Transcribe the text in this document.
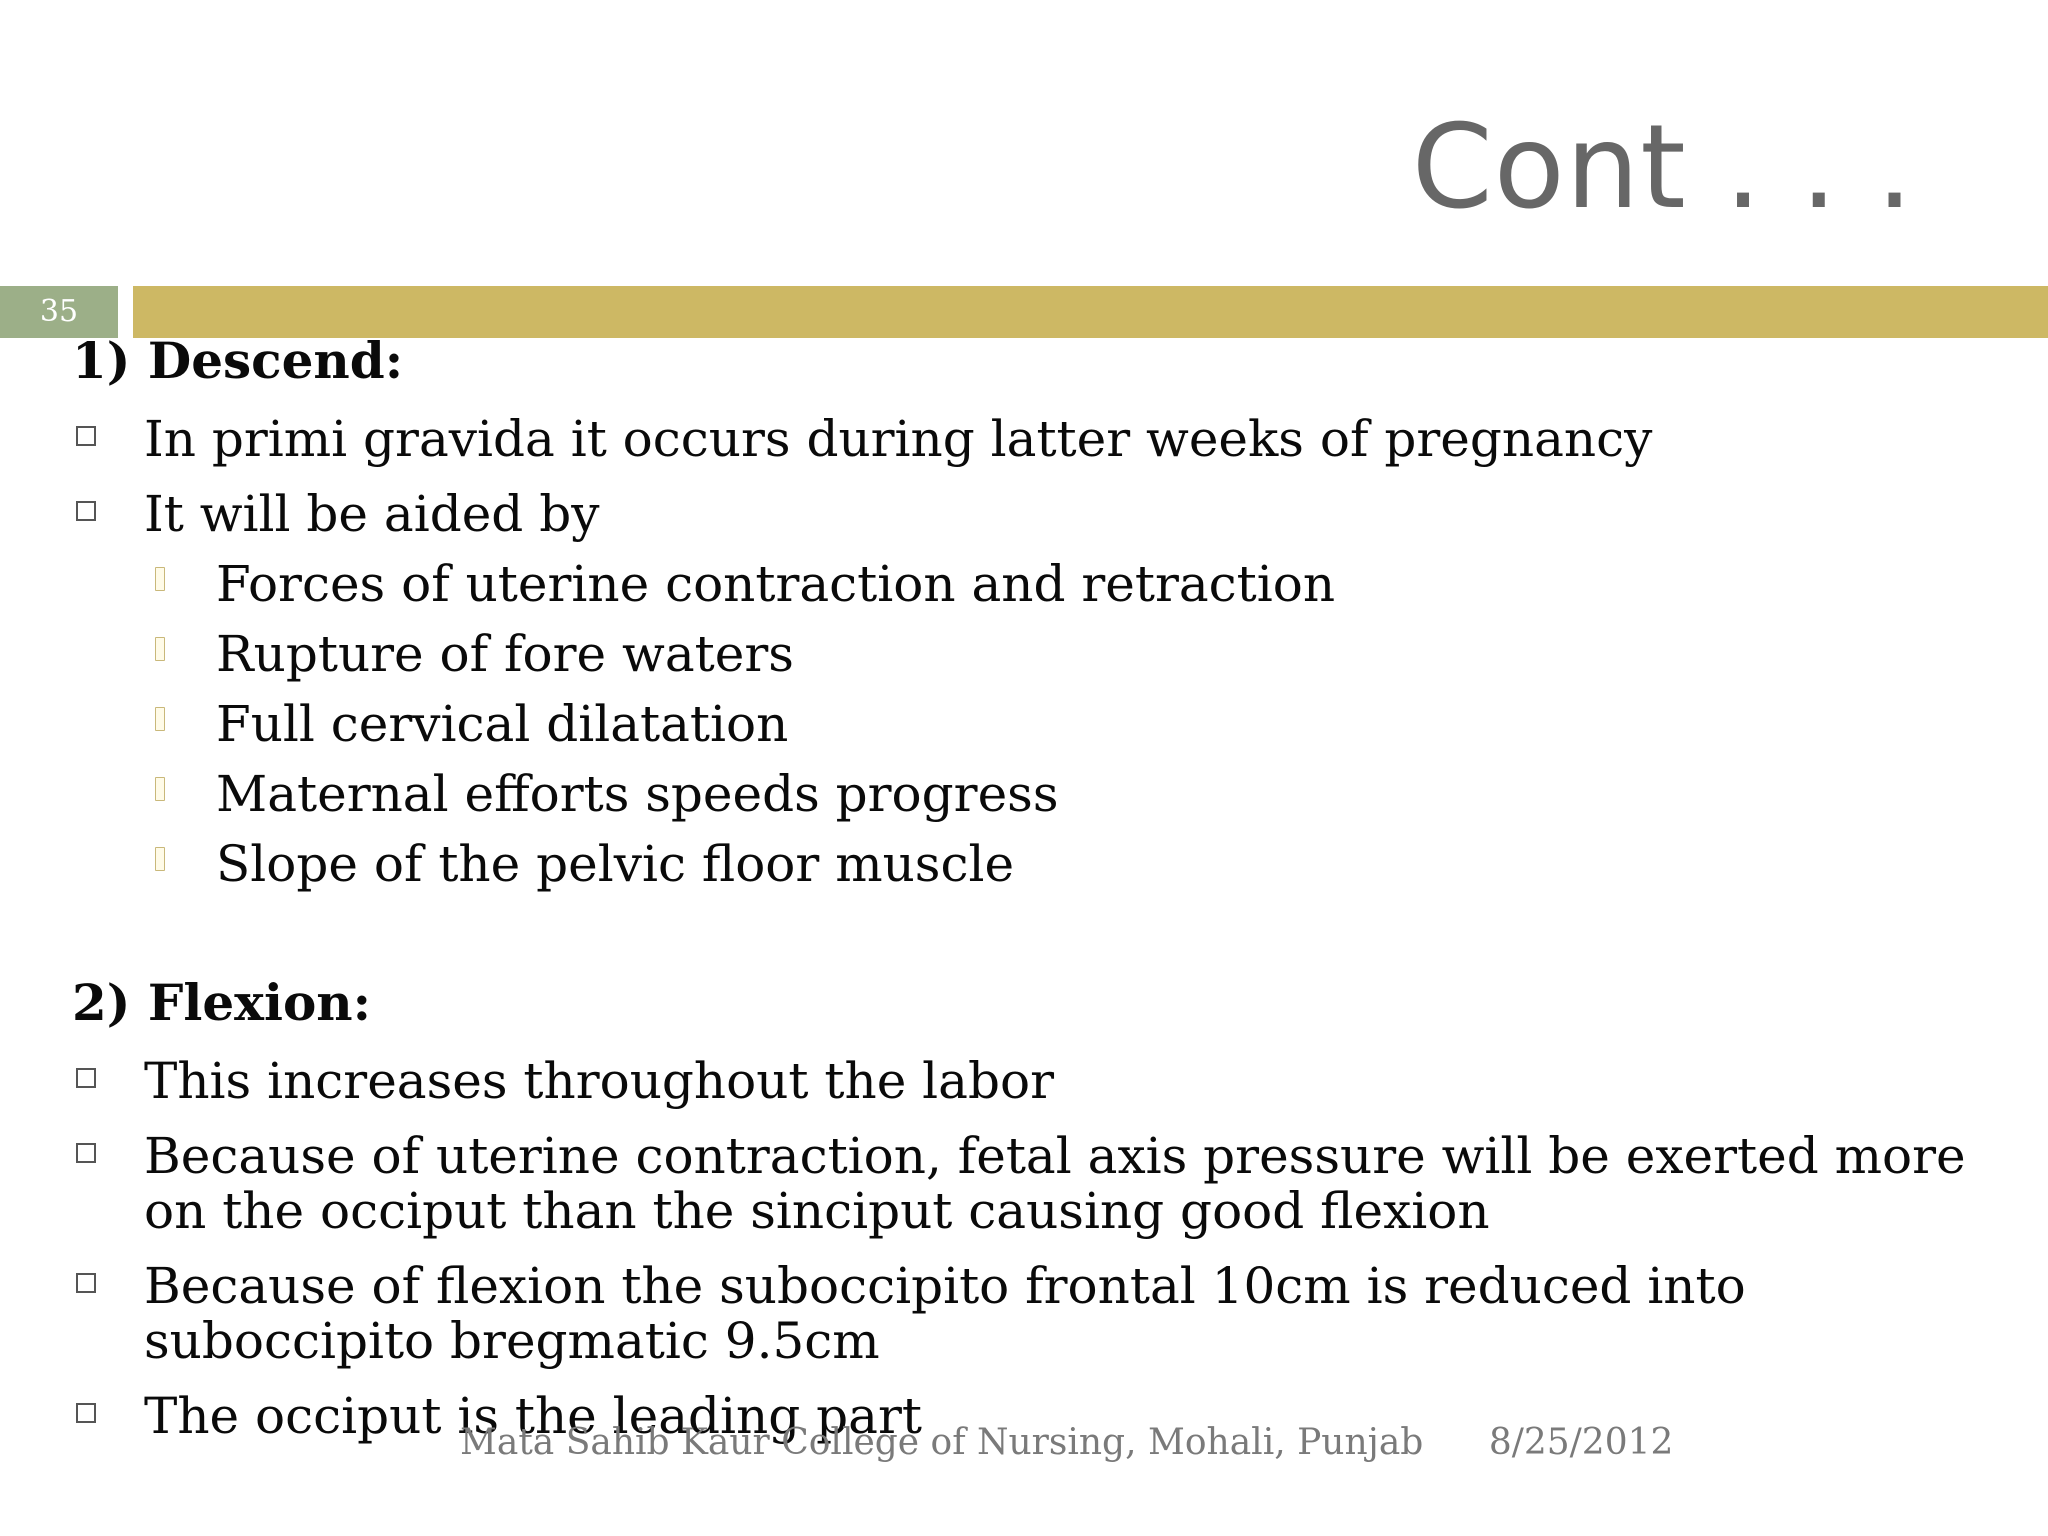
Cont . . .
35

1) Descend:

In primi gravida it occurs during latter weeks of pregnancy
It will be aided by
Forces of uterine contraction and retraction
Rupture of fore waters
Full cervical dilatation
Maternal efforts speeds progress
Slope of the pelvic floor muscle

2) Flexion:

This increases throughout the labor
Because of uterine contraction, fetal axis pressure will be exerted more on the occiput than the sinciput causing good flexion
Because of flexion the suboccipito frontal 10cm is reduced into suboccipito bregmatic 9.5cm
The occiput is the leading part
Mata Sahib Kaur College of Nursing, Mohali, Punjab 8/25/2012
